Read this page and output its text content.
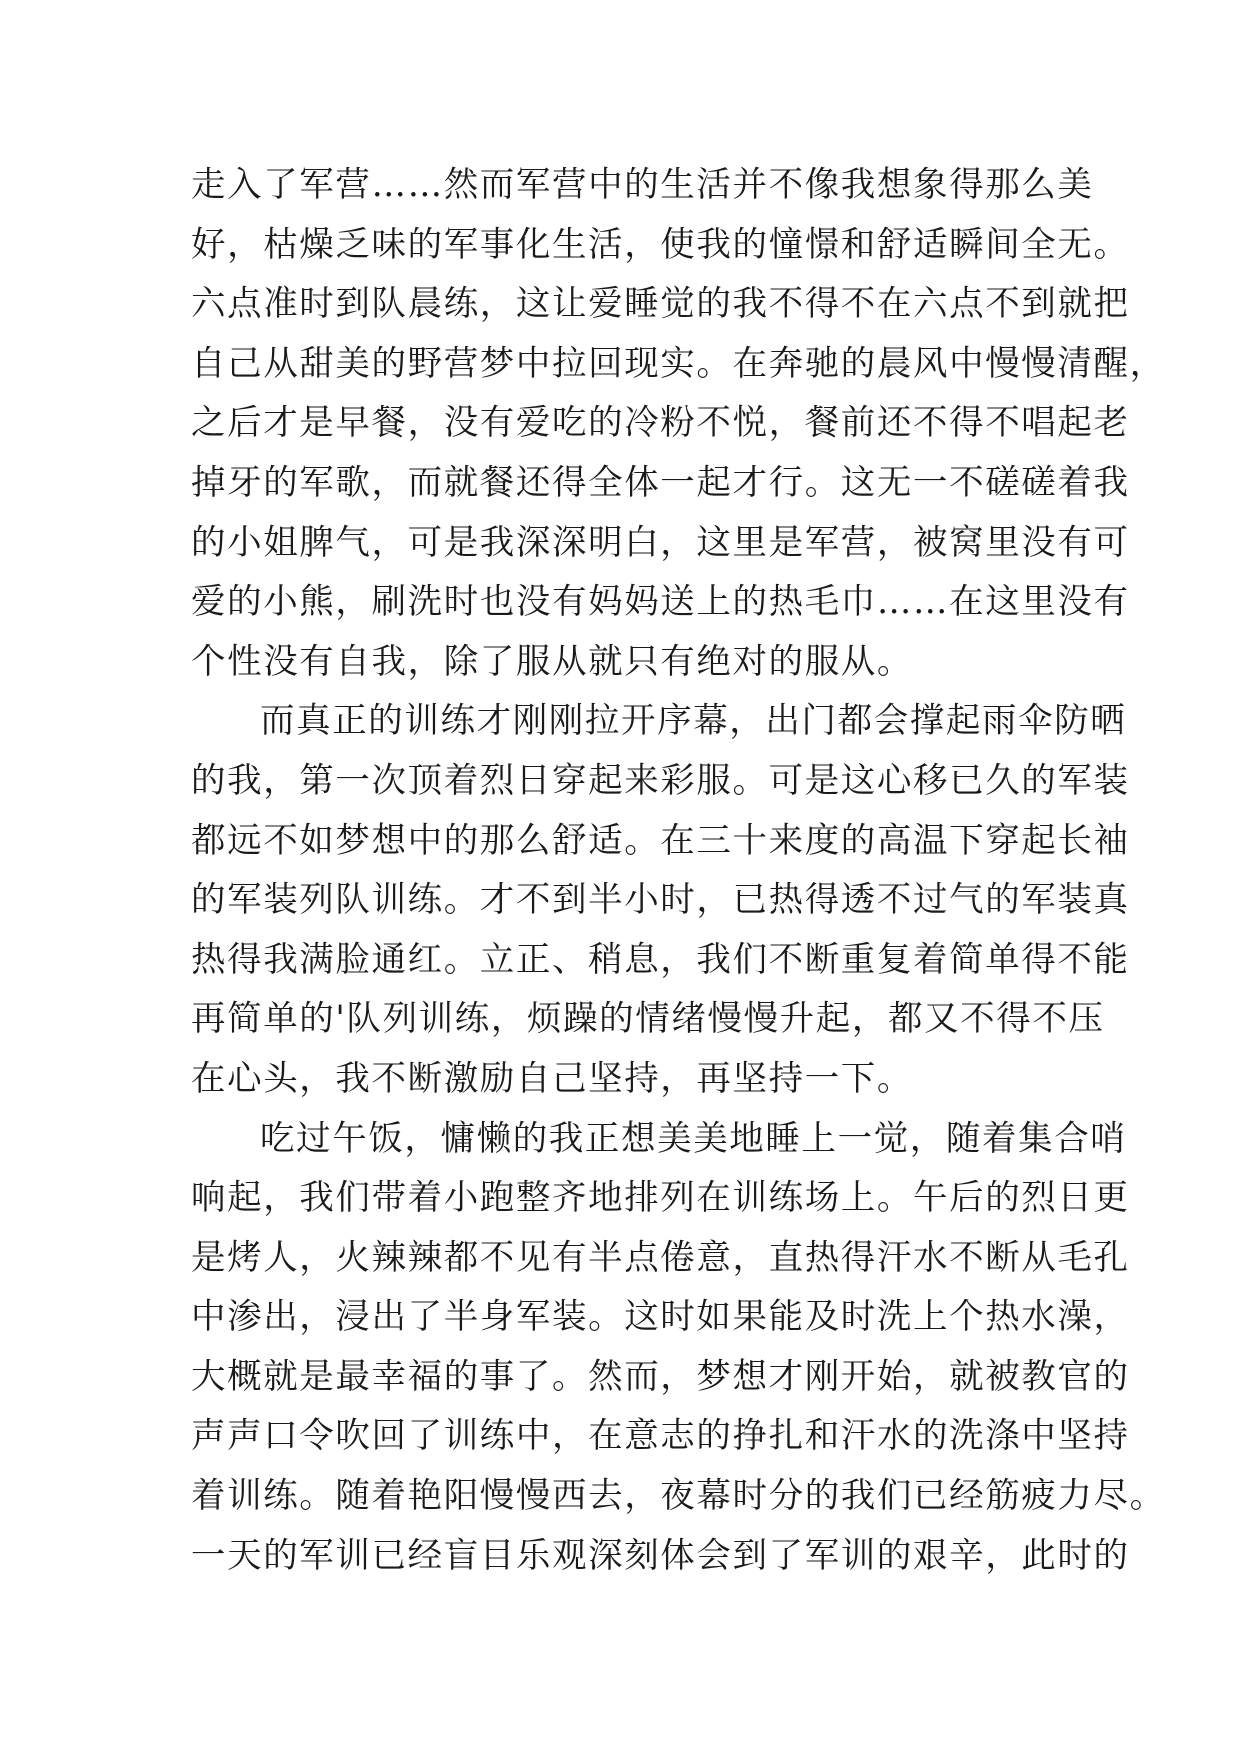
走入了军营……然而军营中的生活并不像我想象得那么美
好，枯燥乏味的军事化生活，使我的憧憬和舒适瞬间全无。
六点准时到队晨练，这让爱睡觉的我不得不在六点不到就把
自己从甜美的野营梦中拉回现实。在奔驰的晨风中慢慢清醒，
之后才是早餐，没有爱吃的冷粉不悦，餐前还不得不唱起老
掉牙的军歌，而就餐还得全体一起才行。这无一不磋磋着我
的小姐脾气，可是我深深明白，这里是军营，被窝里没有可
爱的小熊，刷洗时也没有妈妈送上的热毛巾……在这里没有
个性没有自我，除了服从就只有绝对的服从。
而真正的训练才刚刚拉开序幕，出门都会撑起雨伞防晒
的我，第一次顶着烈日穿起来彩服。可是这心移已久的军装
都远不如梦想中的那么舒适。在三十来度的高温下穿起长袖
的军装列队训练。才不到半小时，已热得透不过气的军装真
热得我满脸通红。立正、稍息，我们不断重复着简单得不能
再简单的'队列训练，烦躁的情绪慢慢升起，都又不得不压
在心头，我不断激励自己坚持，再坚持一下。
吃过午饭，慵懒的我正想美美地睡上一觉，随着集合哨
响起，我们带着小跑整齐地排列在训练场上。午后的烈日更
是烤人，火辣辣都不见有半点倦意，直热得汗水不断从毛孔
中渗出，浸出了半身军装。这时如果能及时洗上个热水澡，
大概就是最幸福的事了。然而，梦想才刚开始，就被教官的
声声口令吹回了训练中，在意志的挣扎和汗水的洗涤中坚持
着训练。随着艳阳慢慢西去，夜幕时分的我们已经筋疲力尽。
一天的军训已经盲目乐观深刻体会到了军训的艰辛，此时的
